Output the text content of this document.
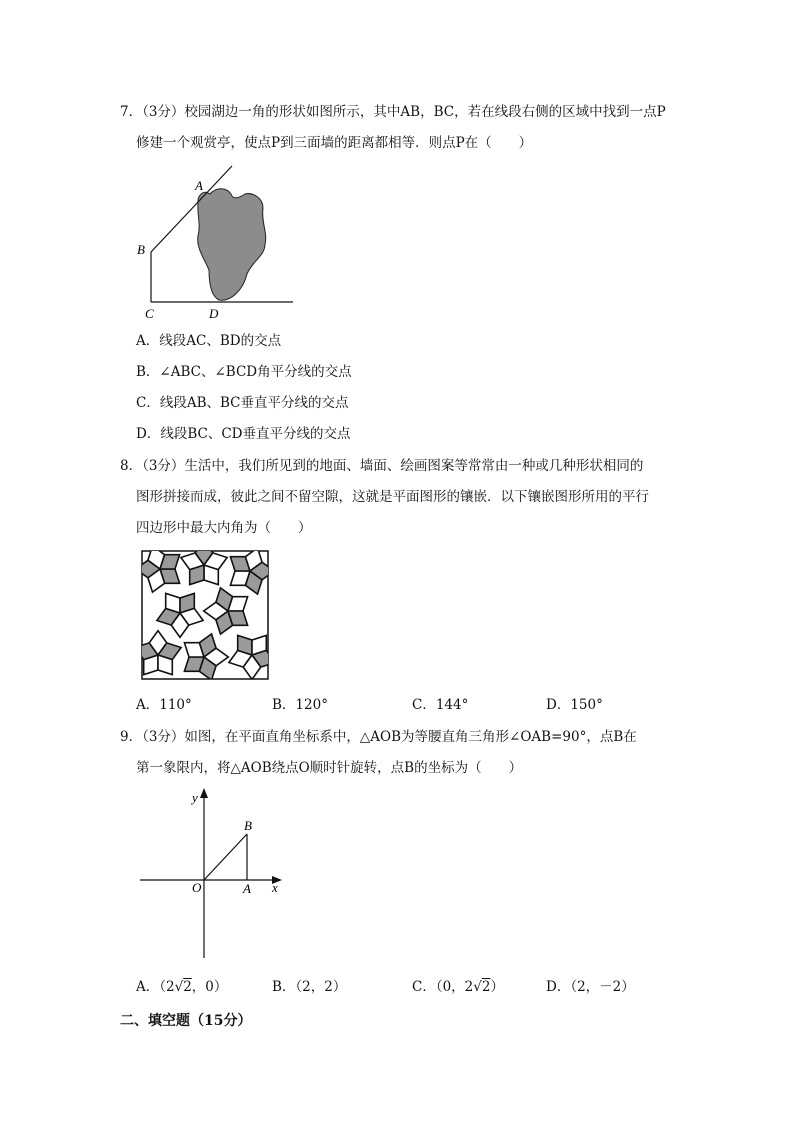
7．（3分）校园湖边一角的形状如图所示，其中AB，BC，若在线段右侧的区域中找到一点P
修建一个观赏亭，使点P到三面墙的距离都相等．则点P在（　　）
A
B
C	D
A．线段AC、BD的交点
B．∠ABC、∠BCD角平分线的交点
C．线段AB、BC垂直平分线的交点
D．线段BC、CD垂直平分线的交点
8．（3分）生活中，我们所见到的地面、墙面、绘画图案等常常由一种或几种形状相同的
图形拼接而成，彼此之间不留空隙，这就是平面图形的镶嵌．以下镶嵌图形所用的平行
四边形中最大内角为（　　）
A．110°	B．120°	C．144°	D．150°
9．（3分）如图，在平面直角坐标系中，△AOB为等腰直角三角形∠OAB=90°，点B在
第一象限内，将△AOB绕点O顺时针旋转，点B的坐标为（　　）
y
x
O	A
B
A．（2√2，0）	B．（2，2）	C．（0，2√2）	D．（2，－2）
二、填空题（15分）
